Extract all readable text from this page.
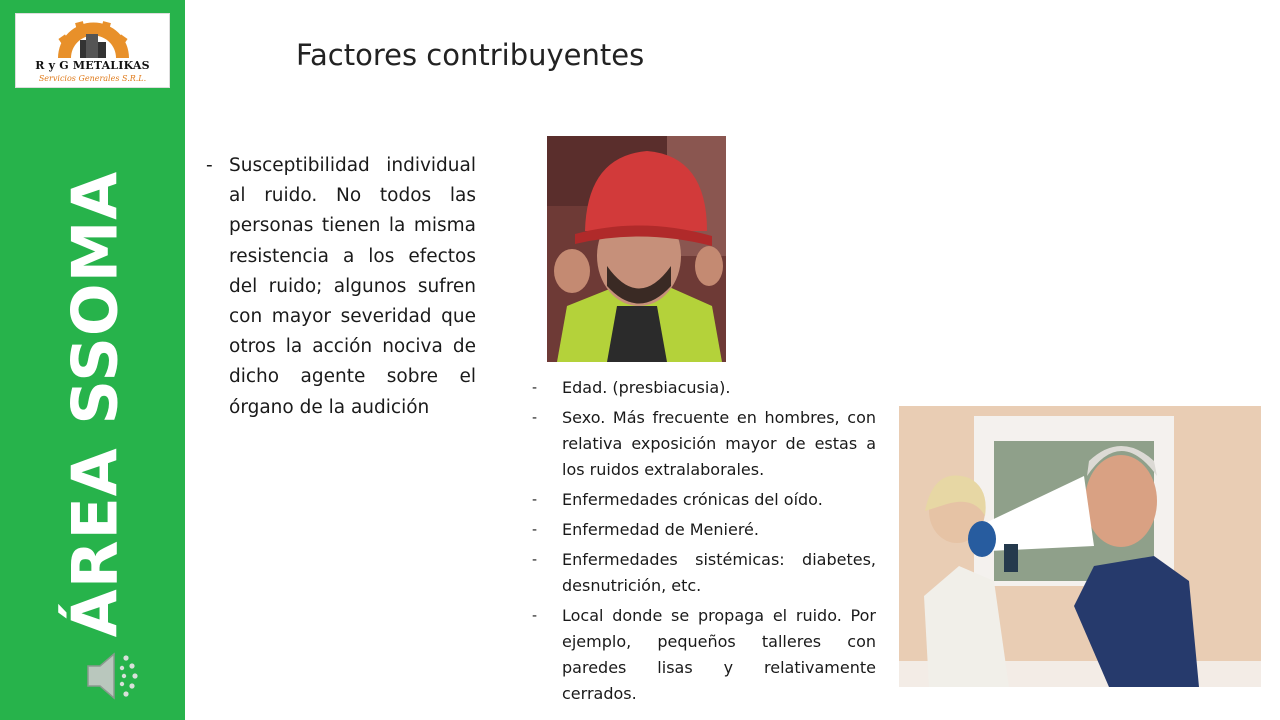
R y G METALIKAS
Servicios Generales S.R.L.
ÁREA SSOMA
Factores contribuyentes
- Susceptibilidad individual al ruido. No todos las personas tienen la misma resistencia a los efectos del ruido; algunos sufren con mayor severidad que otros la acción nociva de dicho agente sobre el órgano de la audición
- Edad. (presbiacusia).
- Sexo. Más frecuente en hombres, con relativa exposición mayor de estas a los ruidos extralaborales.
- Enfermedades crónicas del oído.
- Enfermedad de Menieré.
- Enfermedades sistémicas: diabetes, desnutrición, etc.
- Local donde se propaga el ruido. Por ejemplo, pequeños talleres con paredes lisas y relativamente cerrados.
